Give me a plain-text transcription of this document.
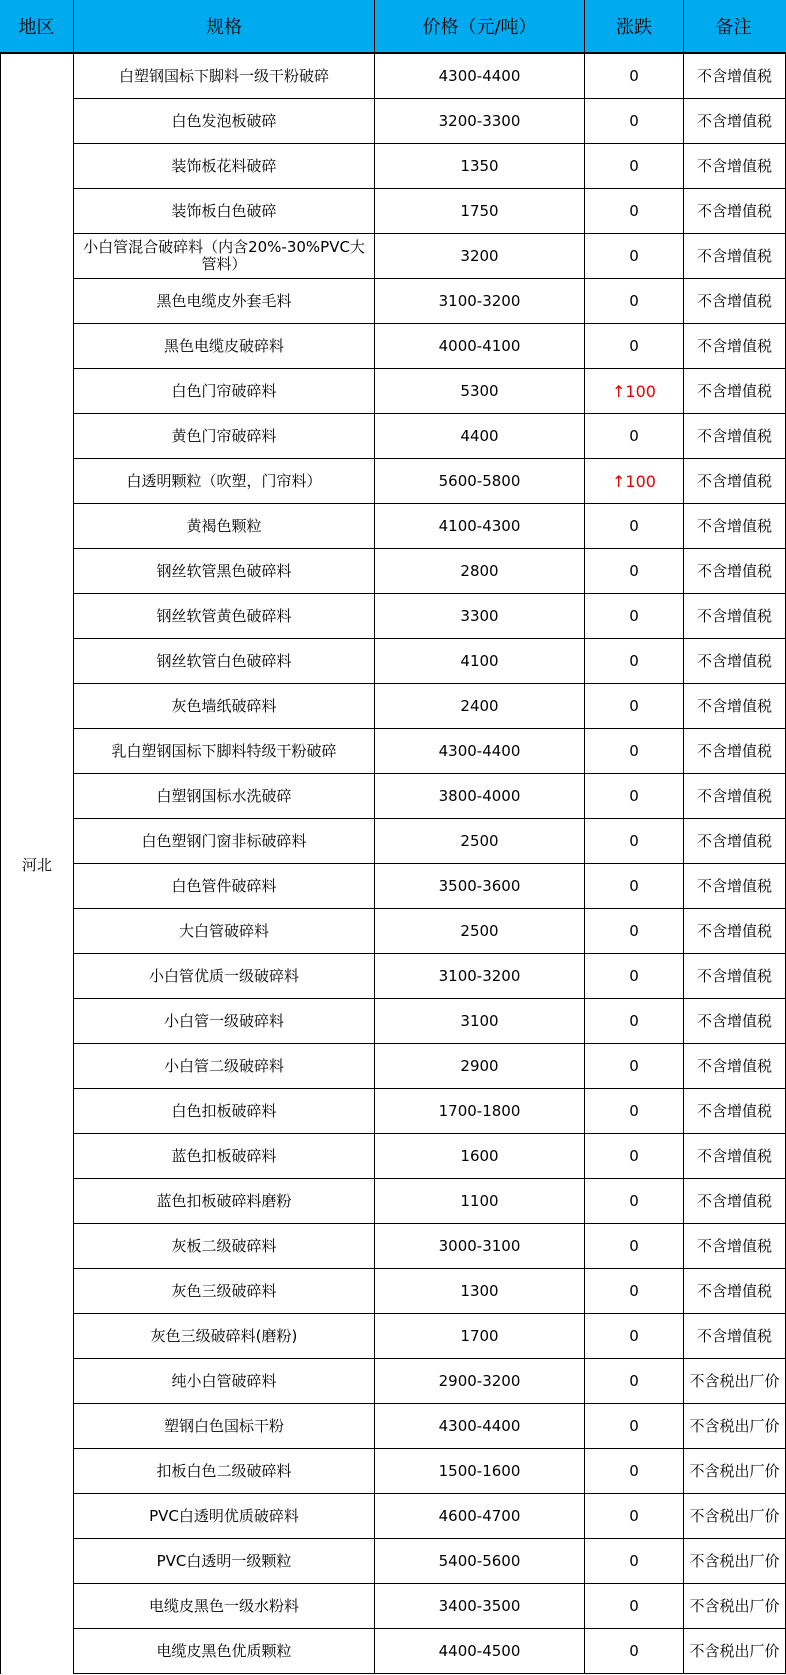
地区	规格	价格（元/吨）	涨跌	备注
河北
白塑钢国标下脚料一级干粉破碎	4300-4400	0	不含增值税
白色发泡板破碎	3200-3300	0	不含增值税
装饰板花料破碎	1350	0	不含增值税
装饰板白色破碎	1750	0	不含增值税
小白管混合破碎料（内含20%-30%PVC大管料）	3200	0	不含增值税
黑色电缆皮外套毛料	3100-3200	0	不含增值税
黑色电缆皮破碎料	4000-4100	0	不含增值税
白色门帘破碎料	5300	↑100	不含增值税
黄色门帘破碎料	4400	0	不含增值税
白透明颗粒（吹塑，门帘料）	5600-5800	↑100	不含增值税
黄褐色颗粒	4100-4300	0	不含增值税
钢丝软管黑色破碎料	2800	0	不含增值税
钢丝软管黄色破碎料	3300	0	不含增值税
钢丝软管白色破碎料	4100	0	不含增值税
灰色墙纸破碎料	2400	0	不含增值税
乳白塑钢国标下脚料特级干粉破碎	4300-4400	0	不含增值税
白塑钢国标水洗破碎	3800-4000	0	不含增值税
白色塑钢门窗非标破碎料	2500	0	不含增值税
白色管件破碎料	3500-3600	0	不含增值税
大白管破碎料	2500	0	不含增值税
小白管优质一级破碎料	3100-3200	0	不含增值税
小白管一级破碎料	3100	0	不含增值税
小白管二级破碎料	2900	0	不含增值税
白色扣板破碎料	1700-1800	0	不含增值税
蓝色扣板破碎料	1600	0	不含增值税
蓝色扣板破碎料磨粉	1100	0	不含增值税
灰板二级破碎料	3000-3100	0	不含增值税
灰色三级破碎料	1300	0	不含增值税
灰色三级破碎料(磨粉)	1700	0	不含增值税
纯小白管破碎料	2900-3200	0	不含税出厂价
塑钢白色国标干粉	4300-4400	0	不含税出厂价
扣板白色二级破碎料	1500-1600	0	不含税出厂价
PVC白透明优质破碎料	4600-4700	0	不含税出厂价
PVC白透明一级颗粒	5400-5600	0	不含税出厂价
电缆皮黑色一级水粉料	3400-3500	0	不含税出厂价
电缆皮黑色优质颗粒	4400-4500	0	不含税出厂价
